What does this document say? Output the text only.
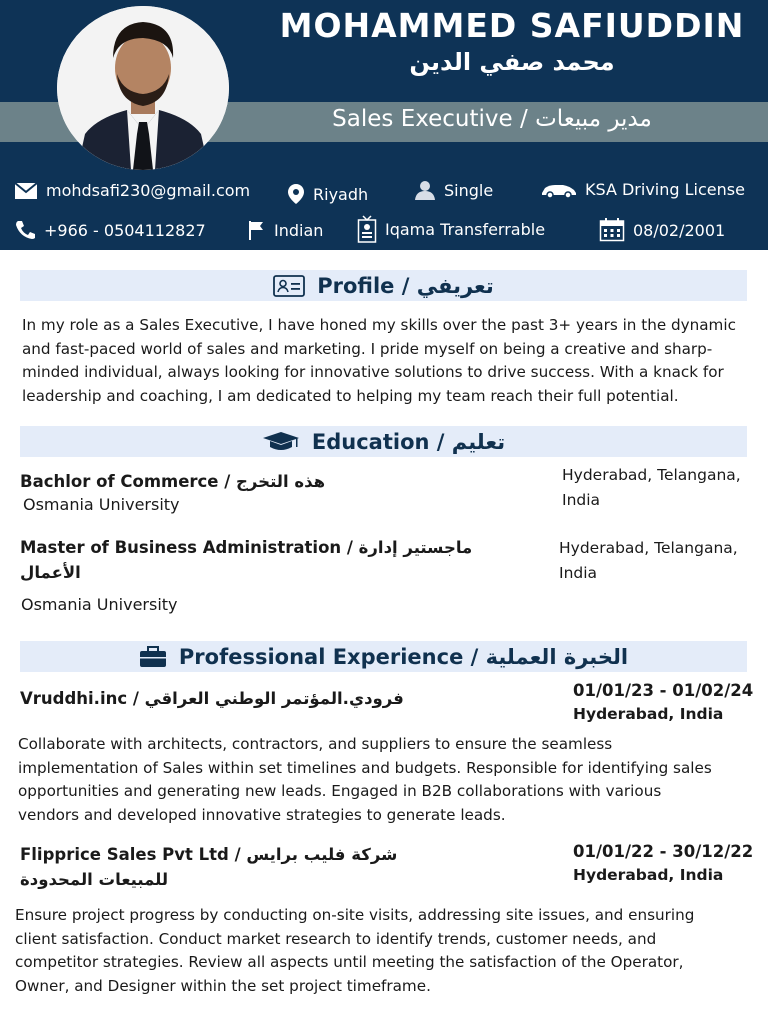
MOHAMMED SAFIUDDIN
محمد صفي الدين
Sales Executive / مدير مبيعات
mohdsafi230@gmail.com	Riyadh	Single	KSA Driving License
+966 - 0504112827	Indian	Iqama Transferrable	08/02/2001
Profile / تعريفي
In my role as a Sales Executive, I have honed my skills over the past 3+ years in the dynamic
and fast-paced world of sales and marketing. I pride myself on being a creative and sharp-
minded individual, always looking for innovative solutions to drive success. With a knack for
leadership and coaching, I am dedicated to helping my team reach their full potential.
Education / تعليم
Bachlor of Commerce / هذه التخرج
Osmania University
Hyderabad, Telangana,
India
Master of Business Administration / ماجستير إدارة
الأعمال
Osmania University
Hyderabad, Telangana,
India
Professional Experience / الخبرة العملية
Vruddhi.inc / فرودي.المؤتمر الوطني العراقي	01/01/23 - 01/02/24
Hyderabad, India
Collaborate with architects, contractors, and suppliers to ensure the seamless
implementation of Sales within set timelines and budgets. Responsible for identifying sales
opportunities and generating new leads. Engaged in B2B collaborations with various
vendors and developed innovative strategies to generate leads.
Flipprice Sales Pvt Ltd / شركة فليب برايس
للمبيعات المحدودة
01/01/22 - 30/12/22
Hyderabad, India
Ensure project progress by conducting on-site visits, addressing site issues, and ensuring
client satisfaction. Conduct market research to identify trends, customer needs, and
competitor strategies. Review all aspects until meeting the satisfaction of the Operator,
Owner, and Designer within the set project timeframe.
